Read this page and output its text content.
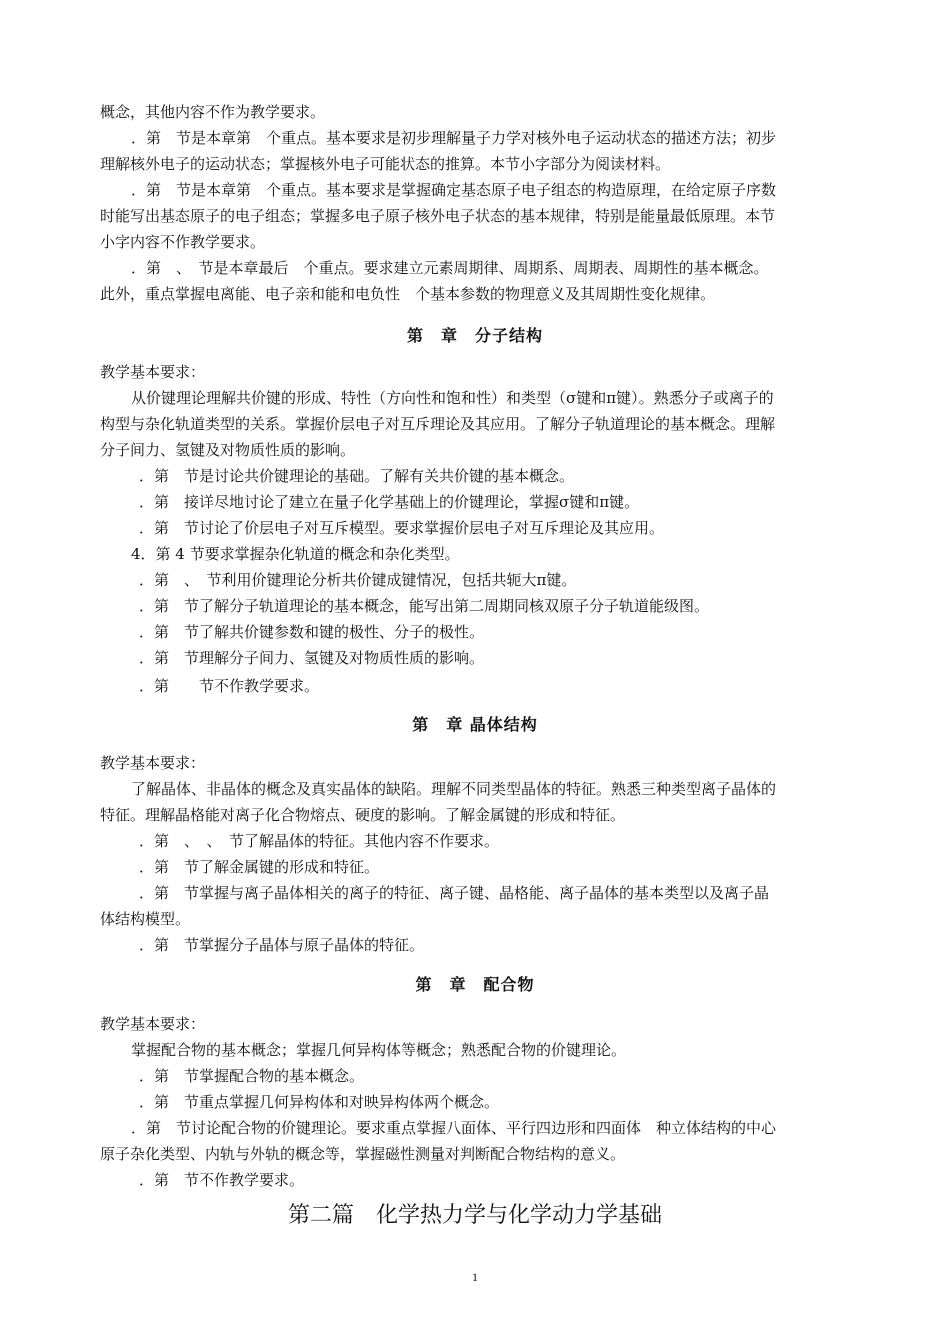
概念，其他内容不作为教学要求。
．第　节是本章第　个重点。基本要求是初步理解量子力学对核外电子运动状态的描述方法；初步
理解核外电子的运动状态；掌握核外电子可能状态的推算。本节小字部分为阅读材料。
．第　节是本章第　个重点。基本要求是掌握确定基态原子电子组态的构造原理，在给定原子序数
时能写出基态原子的电子组态；掌握多电子原子核外电子状态的基本规律，特别是能量最低原理。本节
小字内容不作教学要求。
．第　、　节是本章最后　个重点。要求建立元素周期律、周期系、周期表、周期性的基本概念。
此外，重点掌握电离能、电子亲和能和电负性　个基本参数的物理意义及其周期性变化规律。
第　章　分子结构
教学基本要求：
从价键理论理解共价键的形成、特性（方向性和饱和性）和类型（σ键和π键）。熟悉分子或离子的
构型与杂化轨道类型的关系。掌握价层电子对互斥理论及其应用。了解分子轨道理论的基本概念。理解
分子间力、氢键及对物质性质的影响。
．第　节是讨论共价键理论的基础。了解有关共价键的基本概念。
．第　接详尽地讨论了建立在量子化学基础上的价键理论，掌握σ键和π键。
．第　节讨论了价层电子对互斥模型。要求掌握价层电子对互斥理论及其应用。
4．第 4 节要求掌握杂化轨道的概念和杂化类型。
．第　、　节利用价键理论分析共价键成键情况，包括共轭大π键。
．第　节了解分子轨道理论的基本概念，能写出第二周期同核双原子分子轨道能级图。
．第　节了解共价键参数和键的极性、分子的极性。
．第　节理解分子间力、氢键及对物质性质的影响。
．第　　节不作教学要求。
第　章 晶体结构
教学基本要求：
了解晶体、非晶体的概念及真实晶体的缺陷。理解不同类型晶体的特征。熟悉三种类型离子晶体的
特征。理解晶格能对离子化合物熔点、硬度的影响。了解金属键的形成和特征。
．第　、　、　节了解晶体的特征。其他内容不作要求。
．第　节了解金属键的形成和特征。
．第　节掌握与离子晶体相关的离子的特征、离子键、晶格能、离子晶体的基本类型以及离子晶
体结构模型。
．第　节掌握分子晶体与原子晶体的特征。
第　章　配合物
教学基本要求：
掌握配合物的基本概念；掌握几何异构体等概念；熟悉配合物的价键理论。
．第　节掌握配合物的基本概念。
．第　节重点掌握几何异构体和对映异构体两个概念。
．第　节讨论配合物的价键理论。要求重点掌握八面体、平行四边形和四面体　种立体结构的中心
原子杂化类型、内轨与外轨的概念等，掌握磁性测量对判断配合物结构的意义。
．第　节不作教学要求。
第二篇　化学热力学与化学动力学基础
1
